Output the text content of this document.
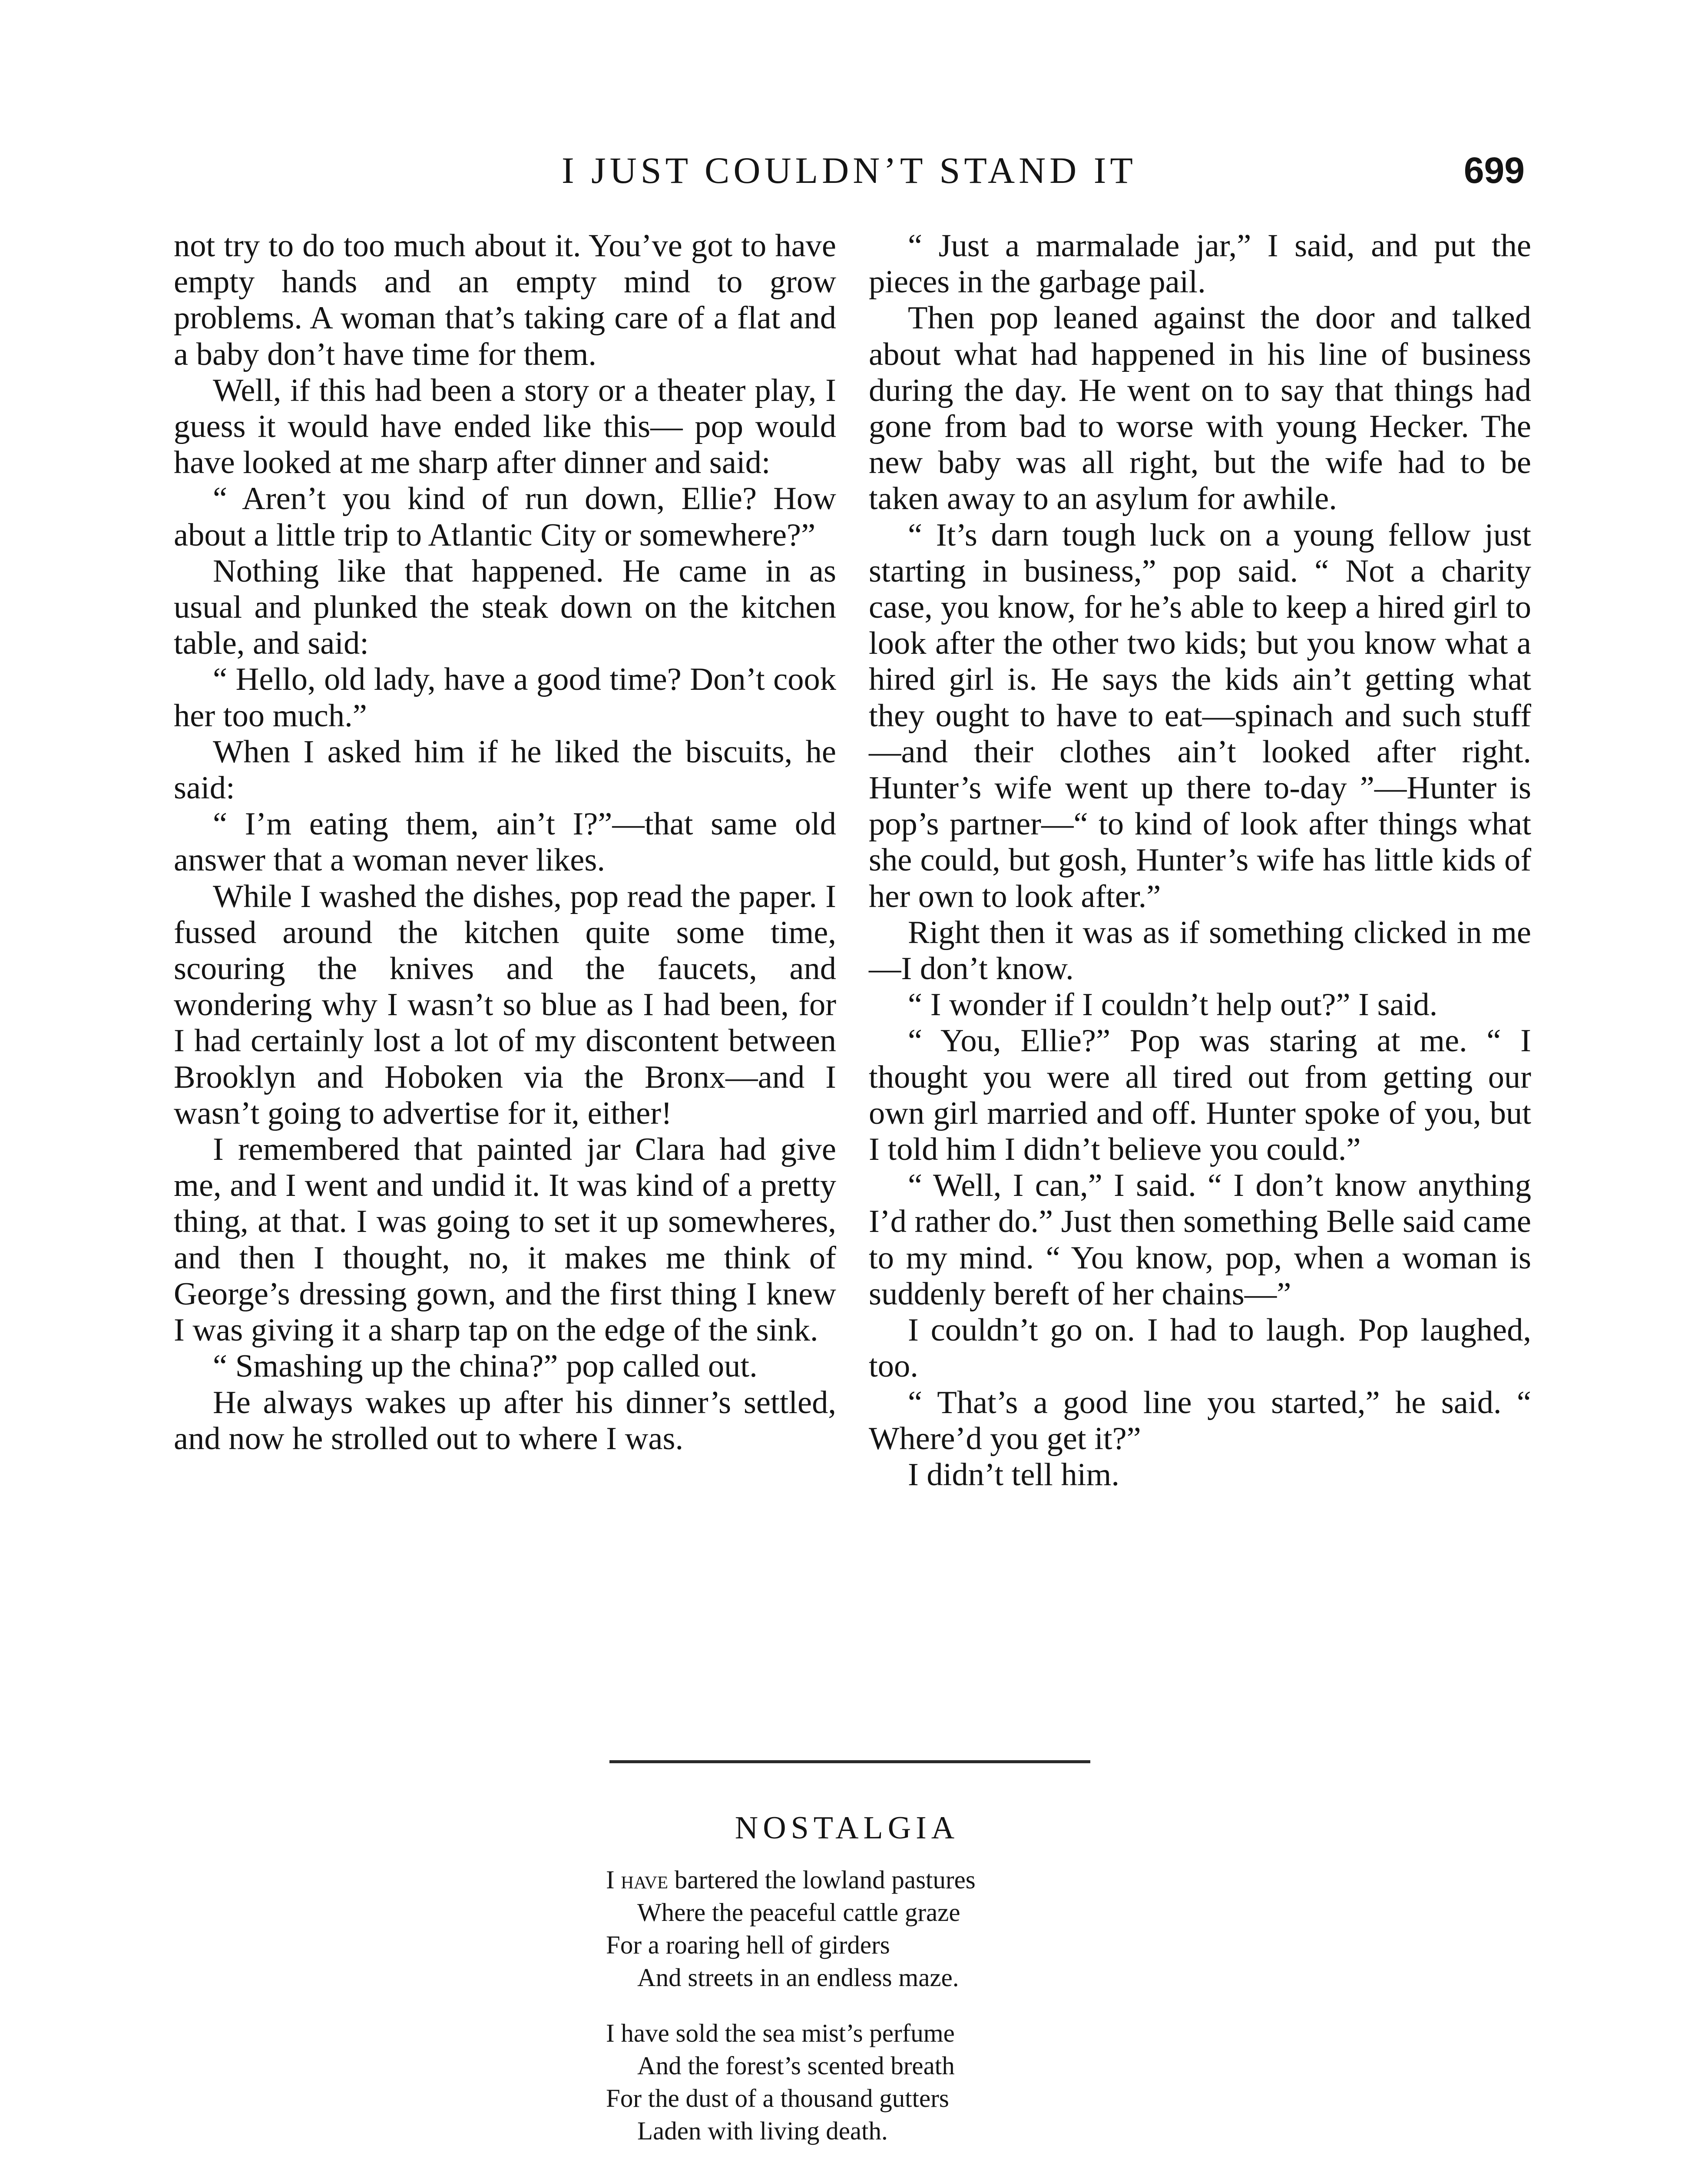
I JUST COULDN’T STAND IT	699

not try to do too much about it. You’ve got to have empty hands and an empty mind to grow problems. A woman that’s taking care of a flat and a baby don’t have time for them.

Well, if this had been a story or a theater play, I guess it would have ended like this— pop would have looked at me sharp after dinner and said:

“ Aren’t you kind of run down, Ellie? How about a little trip to Atlantic City or somewhere?”

Nothing like that happened. He came in as usual and plunked the steak down on the kitchen table, and said:

“ Hello, old lady, have a good time? Don’t cook her too much.”

When I asked him if he liked the biscuits, he said:

“ I’m eating them, ain’t I?”—that same old answer that a woman never likes.

While I washed the dishes, pop read the paper. I fussed around the kitchen quite some time, scouring the knives and the faucets, and wondering why I wasn’t so blue as I had been, for I had certainly lost a lot of my discontent between Brooklyn and Hoboken via the Bronx—and I wasn’t going to advertise for it, either!

I remembered that painted jar Clara had give me, and I went and undid it. It was kind of a pretty thing, at that. I was going to set it up somewheres, and then I thought, no, it makes me think of George’s dressing gown, and the first thing I knew I was giving it a sharp tap on the edge of the sink.

“ Smashing up the china?” pop called out.

He always wakes up after his dinner’s settled, and now he strolled out to where I was.

“ Just a marmalade jar,” I said, and put the pieces in the garbage pail.

Then pop leaned against the door and talked about what had happened in his line of business during the day. He went on to say that things had gone from bad to worse with young Hecker. The new baby was all right, but the wife had to be taken away to an asylum for awhile.

“ It’s darn tough luck on a young fellow just starting in business,” pop said. “ Not a charity case, you know, for he’s able to keep a hired girl to look after the other two kids; but you know what a hired girl is. He says the kids ain’t getting what they ought to have to eat—spinach and such stuff—and their clothes ain’t looked after right. Hunter’s wife went up there to-day ”—Hunter is pop’s partner—“ to kind of look after things what she could, but gosh, Hunter’s wife has little kids of her own to look after.”

Right then it was as if something clicked in me—I don’t know.

“ I wonder if I couldn’t help out?” I said.

“ You, Ellie?” Pop was staring at me. “ I thought you were all tired out from getting our own girl married and off. Hunter spoke of you, but I told him I didn’t believe you could.”

“ Well, I can,” I said. “ I don’t know anything I’d rather do.” Just then something Belle said came to my mind. “ You know, pop, when a woman is suddenly bereft of her chains—”

I couldn’t go on. I had to laugh. Pop laughed, too.

“ That’s a good line you started,” he said. “ Where’d you get it?”

I didn’t tell him.

NOSTALGIA
I have bartered the lowland pastures
Where the peaceful cattle graze
For a roaring hell of girders
And streets in an endless maze.
I have sold the sea mist’s perfume
And the forest’s scented breath
For the dust of a thousand gutters
Laden with living death.
